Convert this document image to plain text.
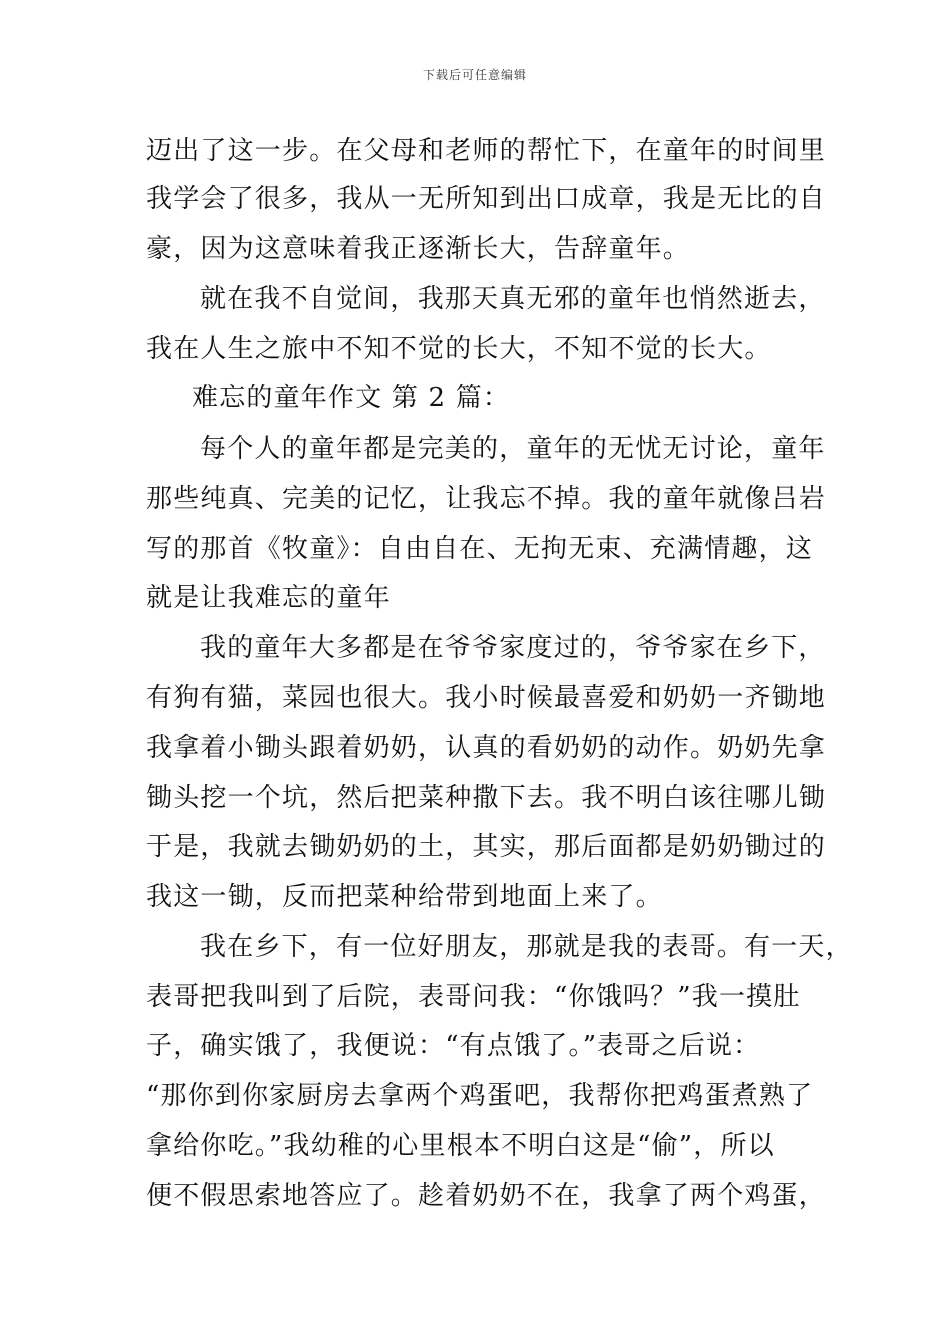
下载后可任意编辑
迈出了这一步。在父母和老师的帮忙下，在童年的时间里
我学会了很多，我从一无所知到出口成章，我是无比的自
豪，因为这意味着我正逐渐长大，告辞童年。
就在我不自觉间，我那天真无邪的童年也悄然逝去，
我在人生之旅中不知不觉的长大，不知不觉的长大。
难忘的童年作文 第 2 篇：
每个人的童年都是完美的，童年的无忧无讨论，童年
那些纯真、完美的记忆，让我忘不掉。我的童年就像吕岩
写的那首《牧童》：自由自在、无拘无束、充满情趣，这
就是让我难忘的童年
我的童年大多都是在爷爷家度过的，爷爷家在乡下，
有狗有猫，菜园也很大。我小时候最喜爱和奶奶一齐锄地
我拿着小锄头跟着奶奶，认真的看奶奶的动作。奶奶先拿
锄头挖一个坑，然后把菜种撒下去。我不明白该往哪儿锄
于是，我就去锄奶奶的土，其实，那后面都是奶奶锄过的
我这一锄，反而把菜种给带到地面上来了。
我在乡下，有一位好朋友，那就是我的表哥。有一天，
表哥把我叫到了后院，表哥问我：“你饿吗？”我一摸肚
子，确实饿了，我便说：“有点饿了。”表哥之后说：
“那你到你家厨房去拿两个鸡蛋吧，我帮你把鸡蛋煮熟了
拿给你吃。”我幼稚的心里根本不明白这是“偷”，所以
便不假思索地答应了。趁着奶奶不在，我拿了两个鸡蛋，
